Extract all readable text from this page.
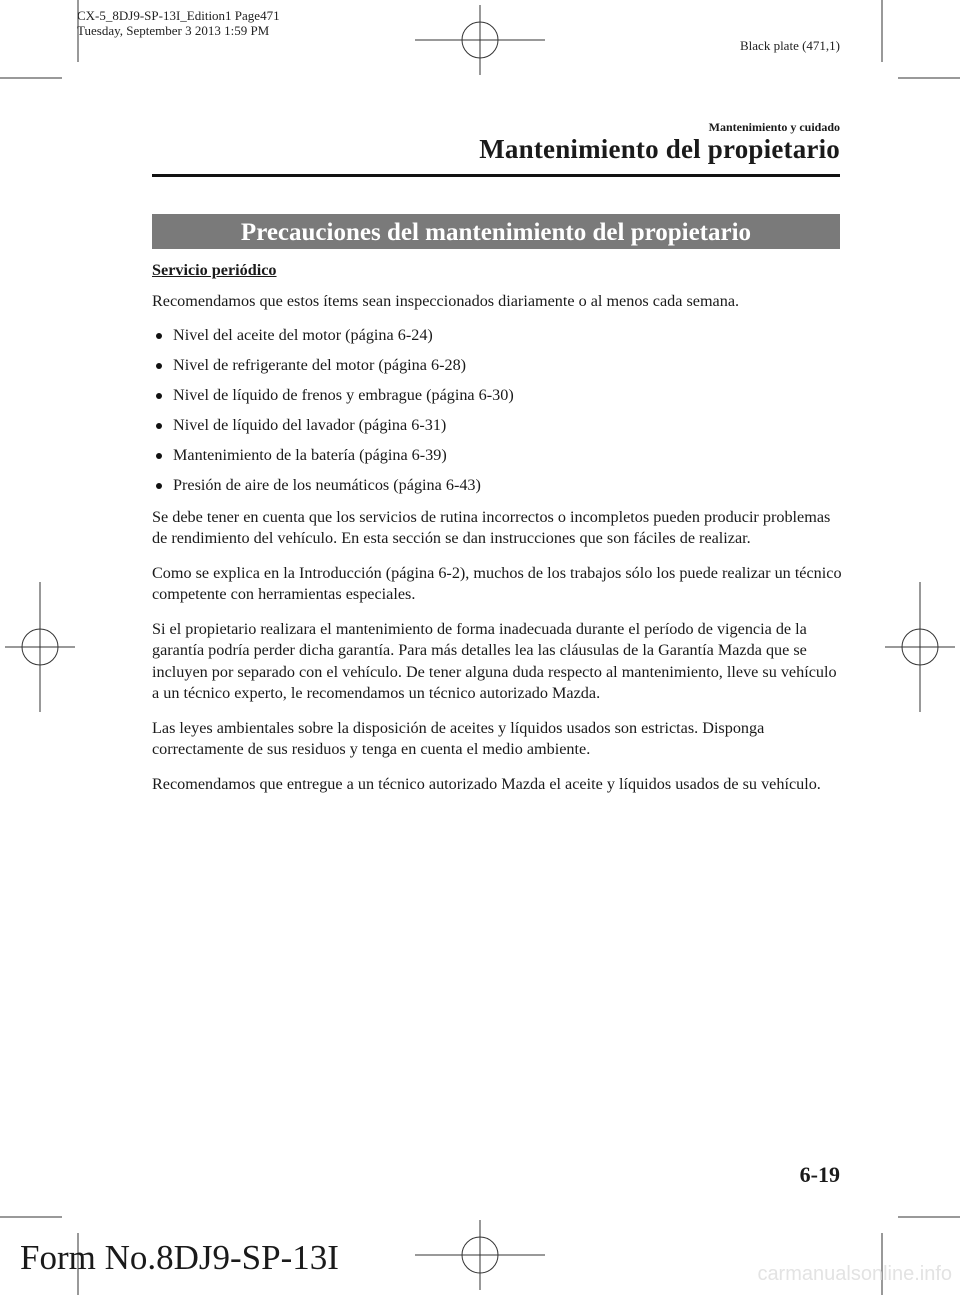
CX-5_8DJ9-SP-13I_Edition1 Page471
Tuesday, September 3 2013 1:59 PM
Black plate (471,1)
Mantenimiento y cuidado
Mantenimiento del propietario
Precauciones del mantenimiento del propietario
Servicio periódico

Recomendamos que estos ítems sean inspeccionados diariamente o al menos cada semana.

Nivel del aceite del motor (página 6-24)
Nivel de refrigerante del motor (página 6-28)
Nivel de líquido de frenos y embrague (página 6-30)
Nivel de líquido del lavador (página 6-31)
Mantenimiento de la batería (página 6-39)
Presión de aire de los neumáticos (página 6-43)

Se debe tener en cuenta que los servicios de rutina incorrectos o incompletos pueden producir problemas de rendimiento del vehículo. En esta sección se dan instrucciones que son fáciles de realizar.

Como se explica en la Introducción (página 6-2), muchos de los trabajos sólo los puede realizar un técnico competente con herramientas especiales.

Si el propietario realizara el mantenimiento de forma inadecuada durante el período de vigencia de la garantía podría perder dicha garantía. Para más detalles lea las cláusulas de la Garantía Mazda que se incluyen por separado con el vehículo. De tener alguna duda respecto al mantenimiento, lleve su vehículo a un técnico experto, le recomendamos un técnico autorizado Mazda.

Las leyes ambientales sobre la disposición de aceites y líquidos usados son estrictas. Disponga correctamente de sus residuos y tenga en cuenta el medio ambiente.

Recomendamos que entregue a un técnico autorizado Mazda el aceite y líquidos usados de su vehículo.

6-19
Form No.8DJ9-SP-13I	carmanualsonline.info
